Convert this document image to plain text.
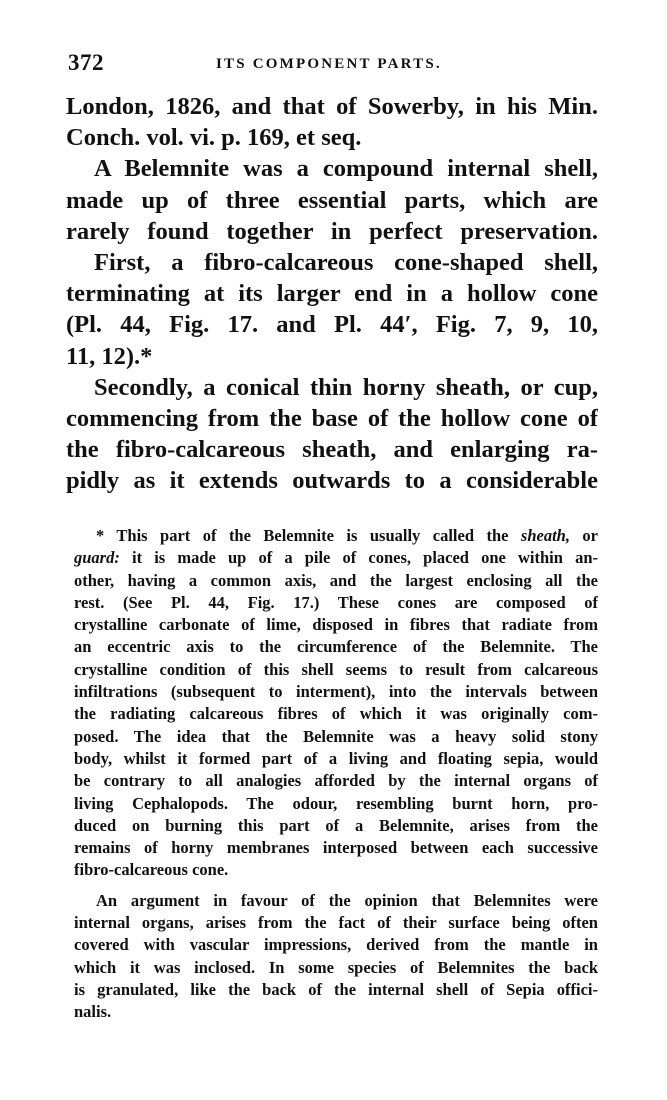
372	ITS COMPONENT PARTS.
London, 1826, and that of Sowerby, in his Min.
Conch. vol. vi. p. 169, et seq.
A Belemnite was a compound internal shell,
made up of three essential parts, which are
rarely found together in perfect preservation.
First, a fibro-calcareous cone-shaped shell,
terminating at its larger end in a hollow cone
(Pl. 44, Fig. 17. and Pl. 44′, Fig. 7, 9, 10,
11, 12).*
Secondly, a conical thin horny sheath, or cup,
commencing from the base of the hollow cone of
the fibro-calcareous sheath, and enlarging ra-
pidly as it extends outwards to a considerable
* This part of the Belemnite is usually called the sheath, or
guard: it is made up of a pile of cones, placed one within an-
other, having a common axis, and the largest enclosing all the
rest. (See Pl. 44, Fig. 17.) These cones are composed of
crystalline carbonate of lime, disposed in fibres that radiate from
an eccentric axis to the circumference of the Belemnite. The
crystalline condition of this shell seems to result from calcareous
infiltrations (subsequent to interment), into the intervals between
the radiating calcareous fibres of which it was originally com-
posed. The idea that the Belemnite was a heavy solid stony
body, whilst it formed part of a living and floating sepia, would
be contrary to all analogies afforded by the internal organs of
living Cephalopods. The odour, resembling burnt horn, pro-
duced on burning this part of a Belemnite, arises from the
remains of horny membranes interposed between each successive
fibro-calcareous cone.
An argument in favour of the opinion that Belemnites were
internal organs, arises from the fact of their surface being often
covered with vascular impressions, derived from the mantle in
which it was inclosed. In some species of Belemnites the back
is granulated, like the back of the internal shell of Sepia offici-
nalis.
